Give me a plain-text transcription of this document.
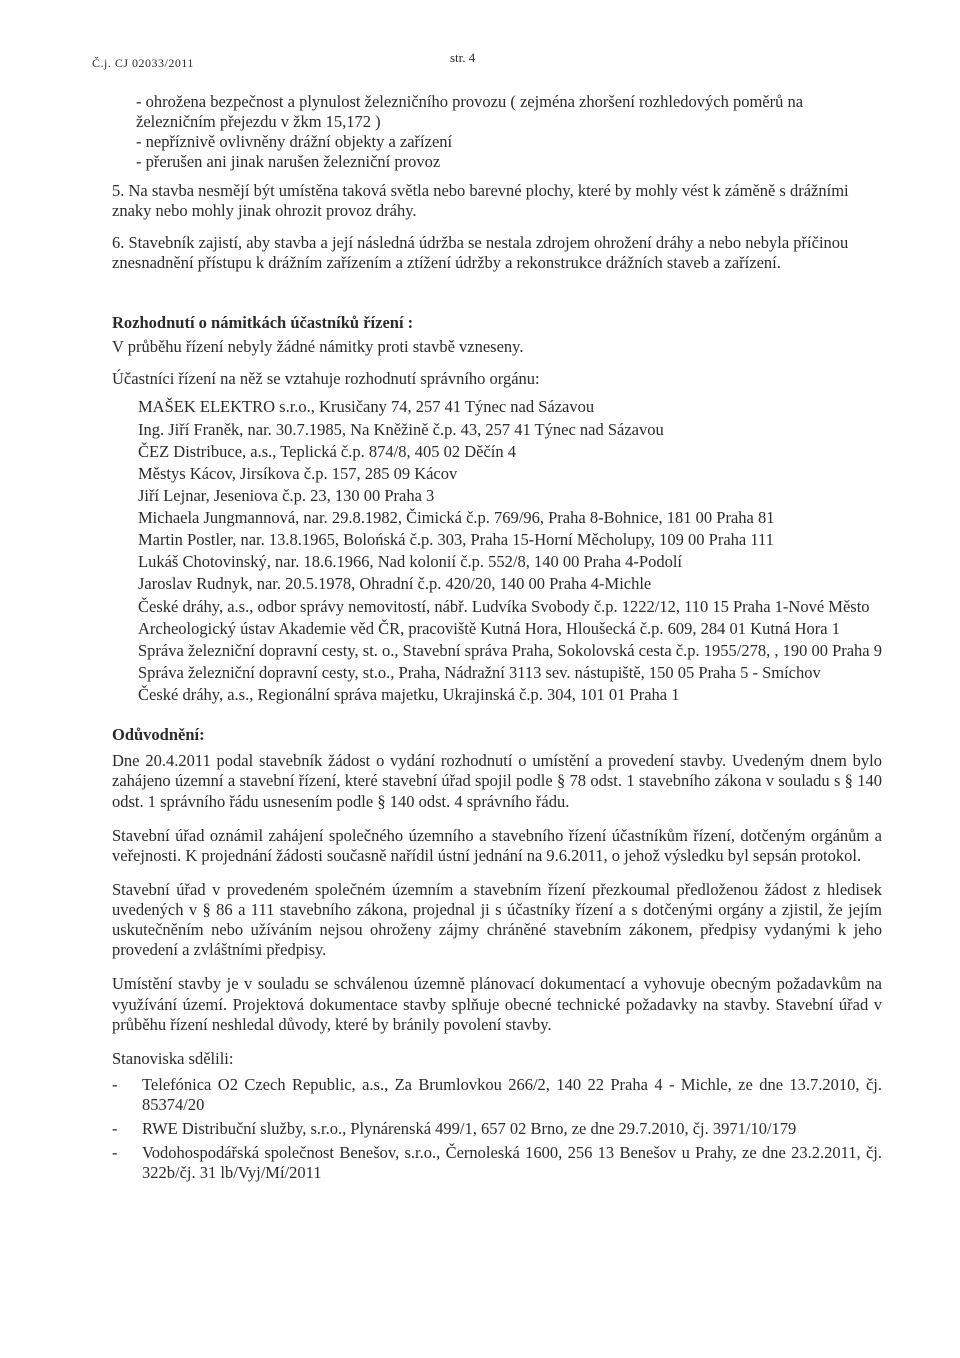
Č.j. CJ 02033/2011	str. 4

- ohrožena bezpečnost a plynulost železničního provozu ( zejména zhoršení rozhledových poměrů na železničním přejezdu v žkm 15,172 )

- nepříznivě ovlivněny drážní objekty a zařízení

- přerušen ani jinak narušen železniční provoz

5. Na stavba nesmějí být umístěna taková světla nebo barevné plochy, které by mohly vést k záměně s drážními znaky nebo mohly jinak ohrozit provoz dráhy.

6. Stavebník zajistí, aby stavba a její následná údržba se nestala zdrojem ohrožení dráhy a nebo nebyla příčinou znesnadnění přístupu k drážním zařízením a ztížení údržby a rekonstrukce drážních staveb a zařízení.

Rozhodnutí o námitkách účastníků řízení :

V průběhu řízení nebyly žádné námitky proti stavbě vzneseny.

Účastníci řízení na něž se vztahuje rozhodnutí správního orgánu:

MAŠEK ELEKTRO s.r.o., Krusičany 74, 257 41 Týnec nad Sázavou
Ing. Jiří Franěk, nar. 30.7.1985, Na Kněžině č.p. 43, 257 41 Týnec nad Sázavou
ČEZ Distribuce, a.s., Teplická č.p. 874/8, 405 02 Děčín 4
Městys Kácov, Jirsíkova č.p. 157, 285 09 Kácov
Jiří Lejnar, Jeseniova č.p. 23, 130 00 Praha 3
Michaela Jungmannová, nar. 29.8.1982, Čimická č.p. 769/96, Praha 8-Bohnice, 181 00 Praha 81
Martin Postler, nar. 13.8.1965, Bolońská č.p. 303, Praha 15-Horní Měcholupy, 109 00 Praha 111
Lukáš Chotovinský, nar. 18.6.1966, Nad kolonií č.p. 552/8, 140 00 Praha 4-Podolí
Jaroslav Rudnyk, nar. 20.5.1978, Ohradní č.p. 420/20, 140 00 Praha 4-Michle
České dráhy, a.s., odbor správy nemovitostí, nábř. Ludvíka Svobody č.p. 1222/12, 110 15 Praha 1-Nové Město
Archeologický ústav Akademie věd ČR, pracoviště Kutná Hora, Hloušecká č.p. 609, 284 01 Kutná Hora 1
Správa železniční dopravní cesty, st. o., Stavební správa Praha, Sokolovská cesta č.p. 1955/278, , 190 00 Praha 9
Správa železniční dopravní cesty, st.o., Praha, Nádražní 3113 sev. nástupiště, 150 05 Praha 5 - Smíchov
České dráhy, a.s., Regionální správa majetku, Ukrajinská č.p. 304, 101 01 Praha 1
Odůvodnění:

Dne 20.4.2011 podal stavebník žádost o vydání rozhodnutí o umístění a provedení stavby. Uvedeným dnem bylo zahájeno územní a stavební řízení, které stavební úřad spojil podle § 78 odst. 1 stavebního zákona v souladu s § 140 odst. 1 správního řádu usnesením podle § 140 odst. 4 správního řádu.

Stavební úřad oznámil zahájení společného územního a stavebního řízení účastníkům řízení, dotčeným orgánům a veřejnosti. K projednání žádosti současně nařídil ústní jednání na 9.6.2011, o jehož výsledku byl sepsán protokol.

Stavební úřad v provedeném společném územním a stavebním řízení přezkoumal předloženou žádost z hledisek uvedených v § 86 a 111 stavebního zákona, projednal ji s účastníky řízení a s dotčenými orgány a zjistil, že jejím uskutečněním nebo užíváním nejsou ohroženy zájmy chráněné stavebním zákonem, předpisy vydanými k jeho provedení a zvláštními předpisy.

Umístění stavby je v souladu se schválenou územně plánovací dokumentací a vyhovuje obecným požadavkům na využívání území. Projektová dokumentace stavby splňuje obecné technické požadavky na stavby. Stavební úřad v průběhu řízení neshledal důvody, které by bránily povolení stavby.

Stanoviska sdělili:

-	Telefónica O2 Czech Republic, a.s., Za Brumlovkou 266/2, 140 22 Praha 4 - Michle, ze dne 13.7.2010, čj. 85374/20
-	RWE Distribuční služby, s.r.o., Plynárenská 499/1, 657 02 Brno, ze dne 29.7.2010, čj. 3971/10/179
-	Vodohospodářská společnost Benešov, s.r.o., Černoleská 1600, 256 13 Benešov u Prahy, ze dne 23.2.2011, čj. 322b/čj. 31 lb/Vyj/Mí/2011
